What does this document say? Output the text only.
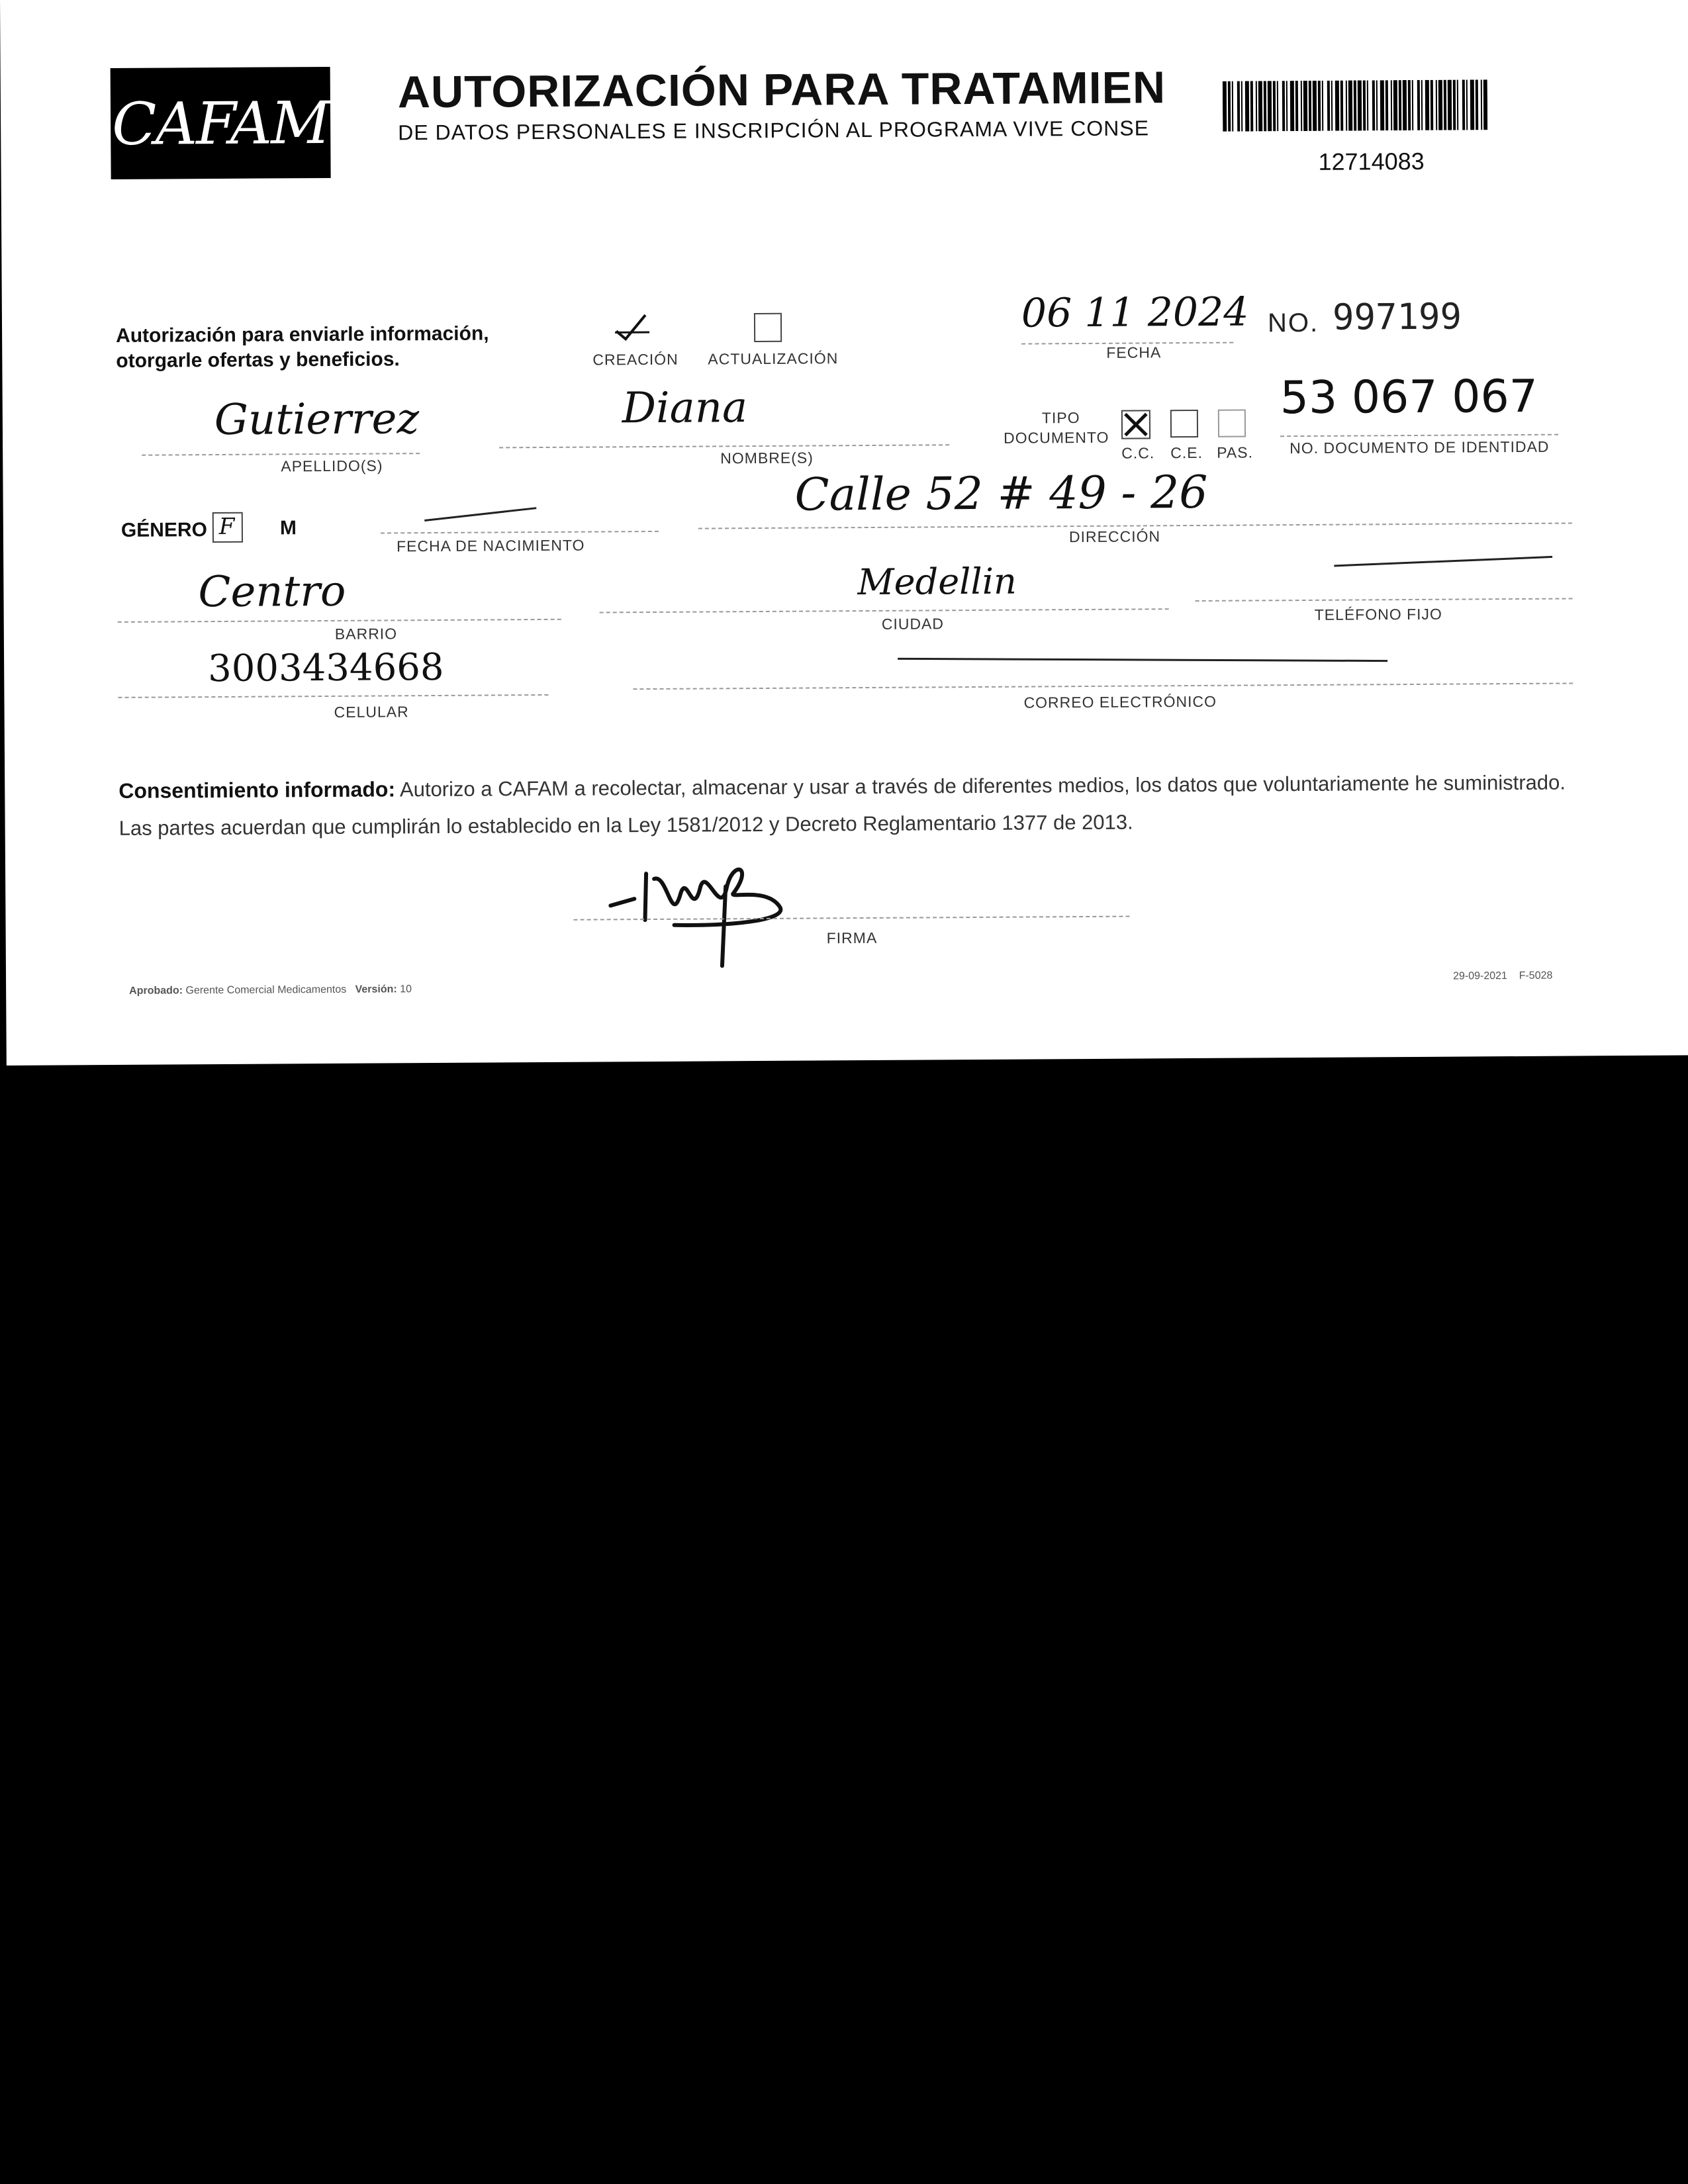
CAFAM AUTORIZACIÓN PARA TRATAMIEN
DE DATOS PERSONALES E INSCRIPCIÓN AL PROGRAMA VIVE CONSE
12714083
Autorización para enviarle información,
otorgarle ofertas y beneficios.	CREACIÓN ACTUALIZACIÓN
06 11 2024
FECHA
NO. 997199
Gutierrez
APELLIDO(S)
Diana
NOMBRE(S)
TIPO
DOCUMENTO
C.C. C.E. PAS.
53 067 067
NO. DOCUMENTO DE IDENTIDAD
GÉNERO F M
FECHA DE NACIMIENTO
Calle 52 # 49 - 26
DIRECCIÓN
Centro
BARRIO
Medellin
CIUDAD
TELÉFONO FIJO
3003434668
CELULAR
CORREO ELECTRÓNICO
Consentimiento informado: Autorizo a CAFAM a recolectar, almacenar y usar a través de diferentes medios, los datos que voluntariamente he suministrado.
Las partes acuerdan que cumplirán lo establecido en la Ley 1581/2012 y Decreto Reglamentario 1377 de 2013.
FIRMA
Aprobado: Gerente Comercial Medicamentos Versión: 10
29-09-2021 F-5028
